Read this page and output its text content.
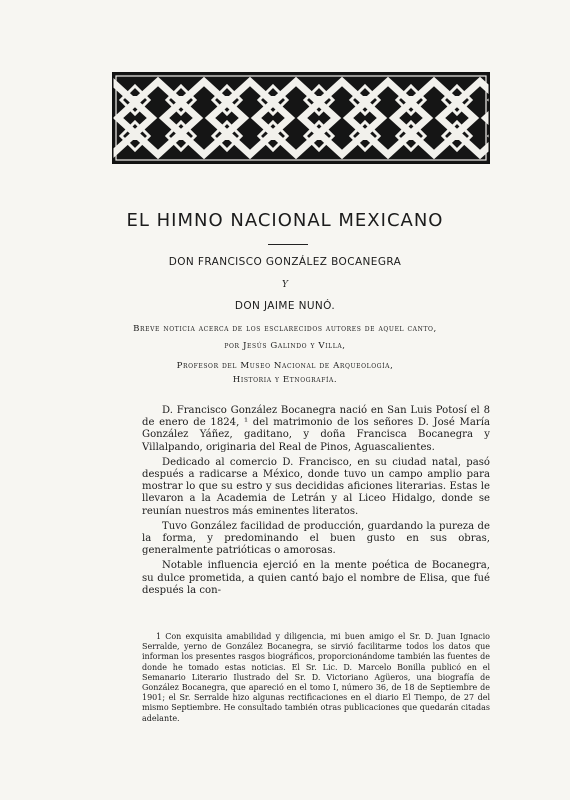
EL HIMNO NACIONAL MEXICANO
DON FRANCISCO GONZÁLEZ BOCANEGRA
Y
DON JAIME NUNÓ.
Breve noticia acerca de los esclarecidos autores de aquel canto,
por Jesús Galindo y Villa,
Profesor del Museo Nacional de Arqueología,
Historia y Etnografía.

D. Francisco González Bocanegra nació en San Luis Potosí el 8 de enero de 1824, ¹ del matrimonio de los señores D. José María González Yáñez, gaditano, y doña Francisca Bocanegra y Villalpando, originaria del Real de Pinos, Aguascalientes.

Dedicado al comercio D. Francisco, en su ciudad natal, pasó después a radicarse a México, donde tuvo un campo amplio para mostrar lo que su estro y sus decididas aficiones literarias. Estas le llevaron a la Academia de Letrán y al Liceo Hidalgo, donde se reunían nuestros más eminentes literatos.

Tuvo González facilidad de producción, guardando la pureza de la forma, y predominando el buen gusto en sus obras, generalmente patrióticas o amorosas.

Notable influencia ejerció en la mente poética de Bocanegra, su dulce prometida, a quien cantó bajo el nombre de Elisa, que fué después la con-

1 Con exquisita amabilidad y diligencia, mi buen amigo el Sr. D. Juan Ignacio Serralde, yerno de González Bocanegra, se sirvió facilitarme todos los datos que informan los presentes rasgos biográficos, proporcionándome también las fuentes de donde he tomado estas noticias. El Sr. Lic. D. Marcelo Bonilla publicó en el Semanario Literario Ilustrado del Sr. D. Victoriano Agüeros, una biografía de González Bocanegra, que apareció en el tomo I, número 36, de 18 de Septiembre de 1901; el Sr. Serralde hizo algunas rectificaciones en el diario El Tiempo, de 27 del mismo Septiembre. He consultado también otras publicaciones que quedarán citadas adelante.
